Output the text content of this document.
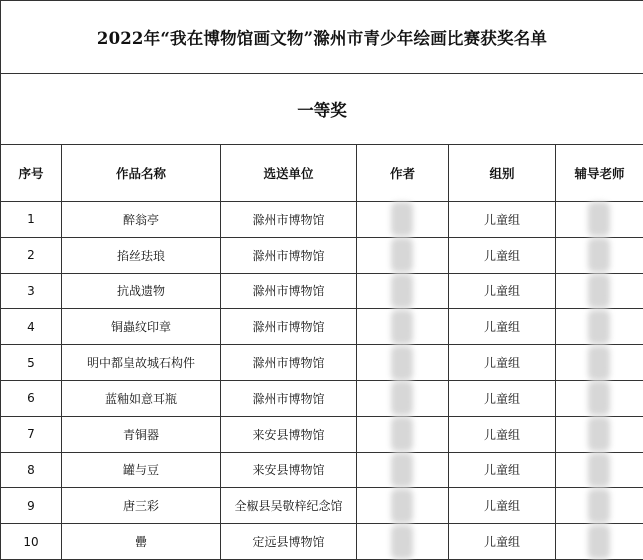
2022年“我在博物馆画文物”滁州市青少年绘画比赛获奖名单					
一等奖					
序号	作品名称	选送单位	作者	组别	辅导老师
1	醉翁亭	滁州市博物馆		儿童组	

2	掐丝珐琅	滁州市博物馆		儿童组	

3	抗战遗物	滁州市博物馆		儿童组	

4	铜蟲纹印章	滁州市博物馆		儿童组	

5	明中都皇故城石构件	滁州市博物馆		儿童组	

6	蓝釉如意耳瓶	滁州市博物馆		儿童组	

7	青铜器	来安县博物馆		儿童组	

8	罐与豆	来安县博物馆		儿童组	

9	唐三彩	全椒县吴敬梓纪念馆		儿童组	

10	罍	定远县博物馆		儿童组	
